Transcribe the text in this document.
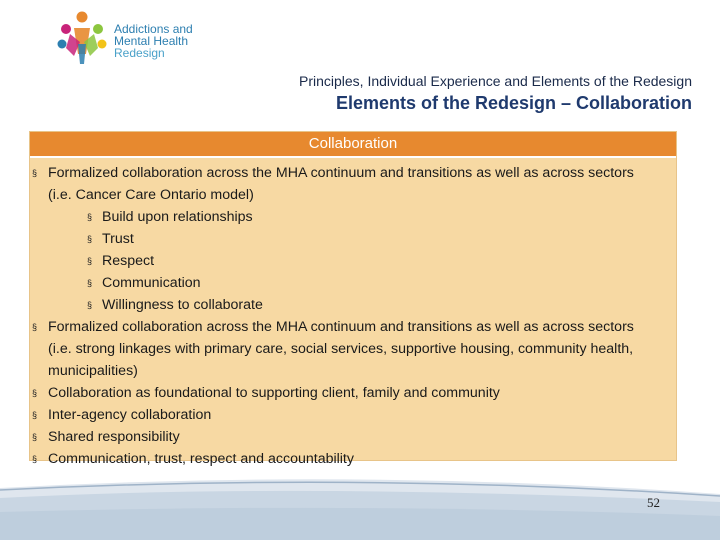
Addictions and
Mental Health
Redesign
Principles, Individual Experience and Elements of the Redesign
Elements of the Redesign – Collaboration
Collaboration
§ Formalized collaboration across the MHA continuum and transitions as well as across sectors (i.e. Cancer Care Ontario model)
§ Build upon relationships
§ Trust
§ Respect
§ Communication
§ Willingness to collaborate
§ Formalized collaboration across the MHA continuum and transitions as well as across sectors (i.e. strong linkages with primary care, social services, supportive housing, community health, municipalities)
§ Collaboration as foundational to supporting client, family and community
§ Inter-agency collaboration
§ Shared responsibility
§ Communication, trust, respect and accountability
52
